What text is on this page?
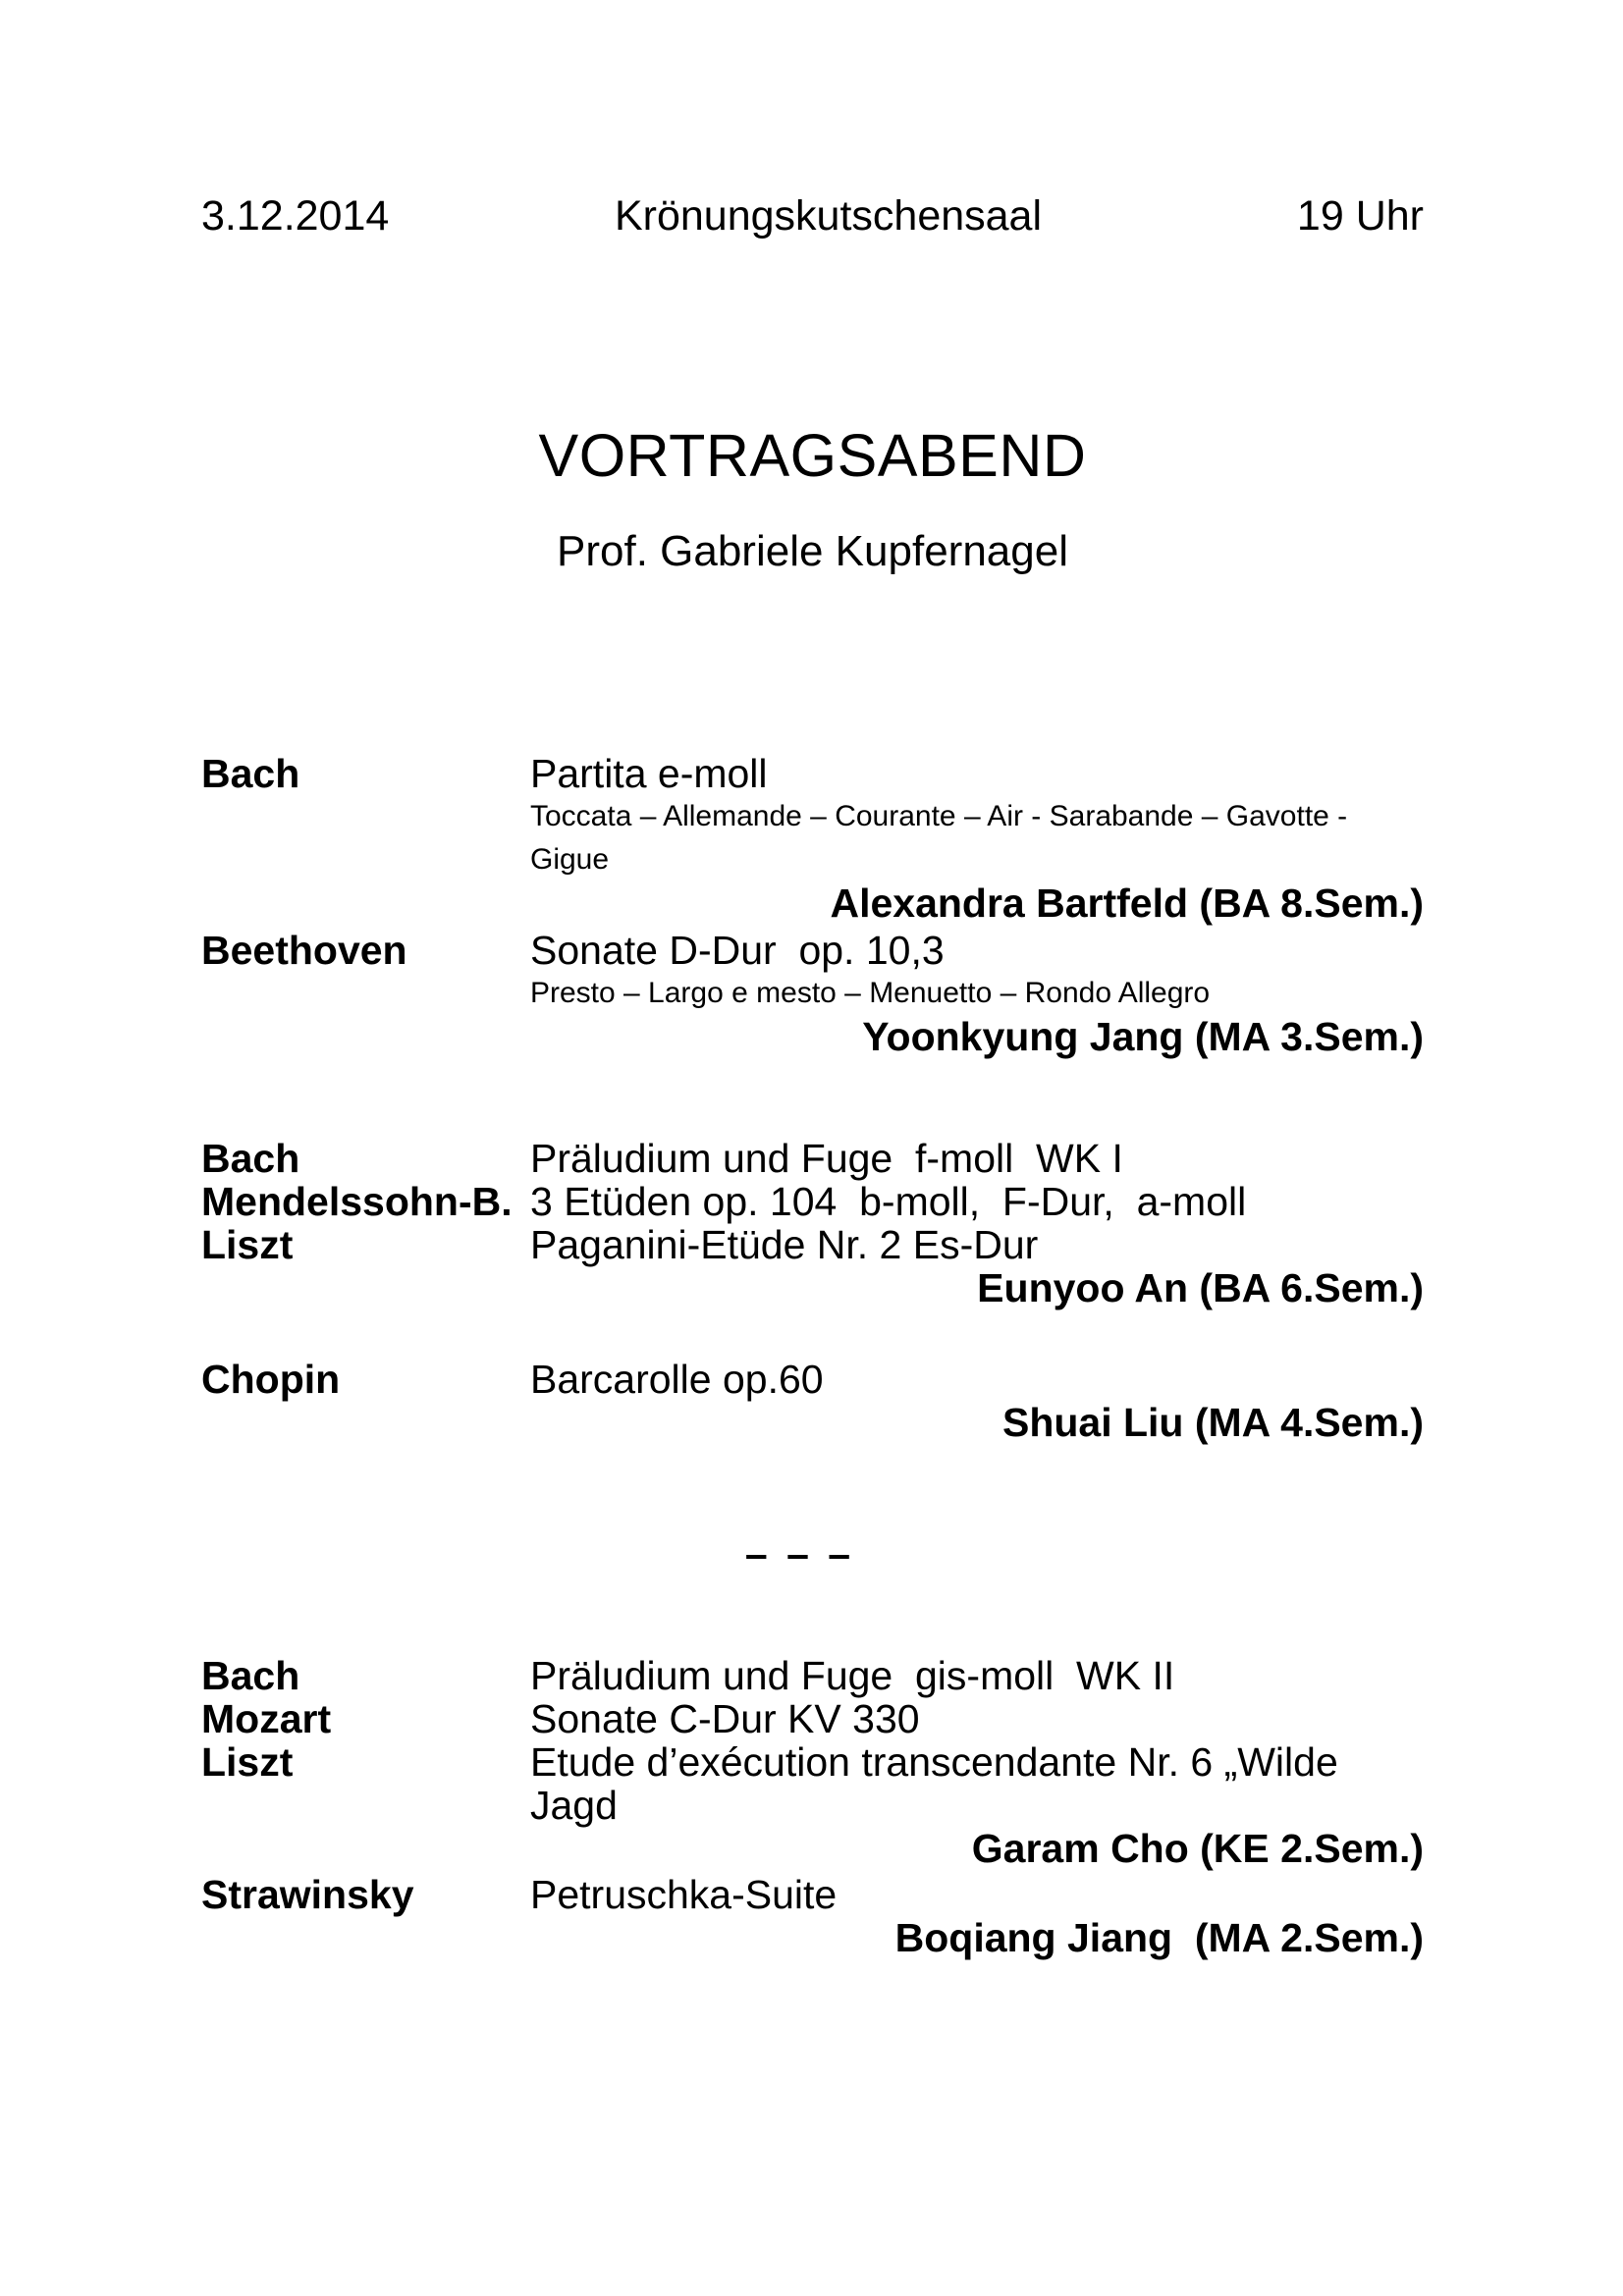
3.12.2014

	Krönungskutschensaal

	19 Uhr

VORTRAGSABEND
Prof. Gabriele Kupfernagel
Bach	Partita e-moll
Toccata – Allemande – Courante – Air - Sarabande – Gavotte - Gigue
Alexandra Bartfeld (BA 8.Sem.)
Beethoven	Sonate D-Dur  op. 10,3
Presto – Largo e mesto – Menuetto – Rondo Allegro
Yoonkyung Jang (MA 3.Sem.)
Bach	Präludium und Fuge  f-moll  WK I
Mendelssohn-B. 3 Etüden op. 104  b-moll,  F-Dur,  a-moll
Liszt	Paganini-Etüde Nr. 2 Es-Dur
Eunyoo An (BA 6.Sem.)
Chopin	Barcarolle op.60
Shuai Liu (MA 4.Sem.)
– – –
Bach	Präludium und Fuge  gis-moll  WK II
Mozart	Sonate C-Dur KV 330
Liszt	Etude d’exécution transcendante Nr. 6 „Wilde Jagd
Garam Cho (KE 2.Sem.)
Strawinsky	Petruschka-Suite
Boqiang Jiang  (MA 2.Sem.)
